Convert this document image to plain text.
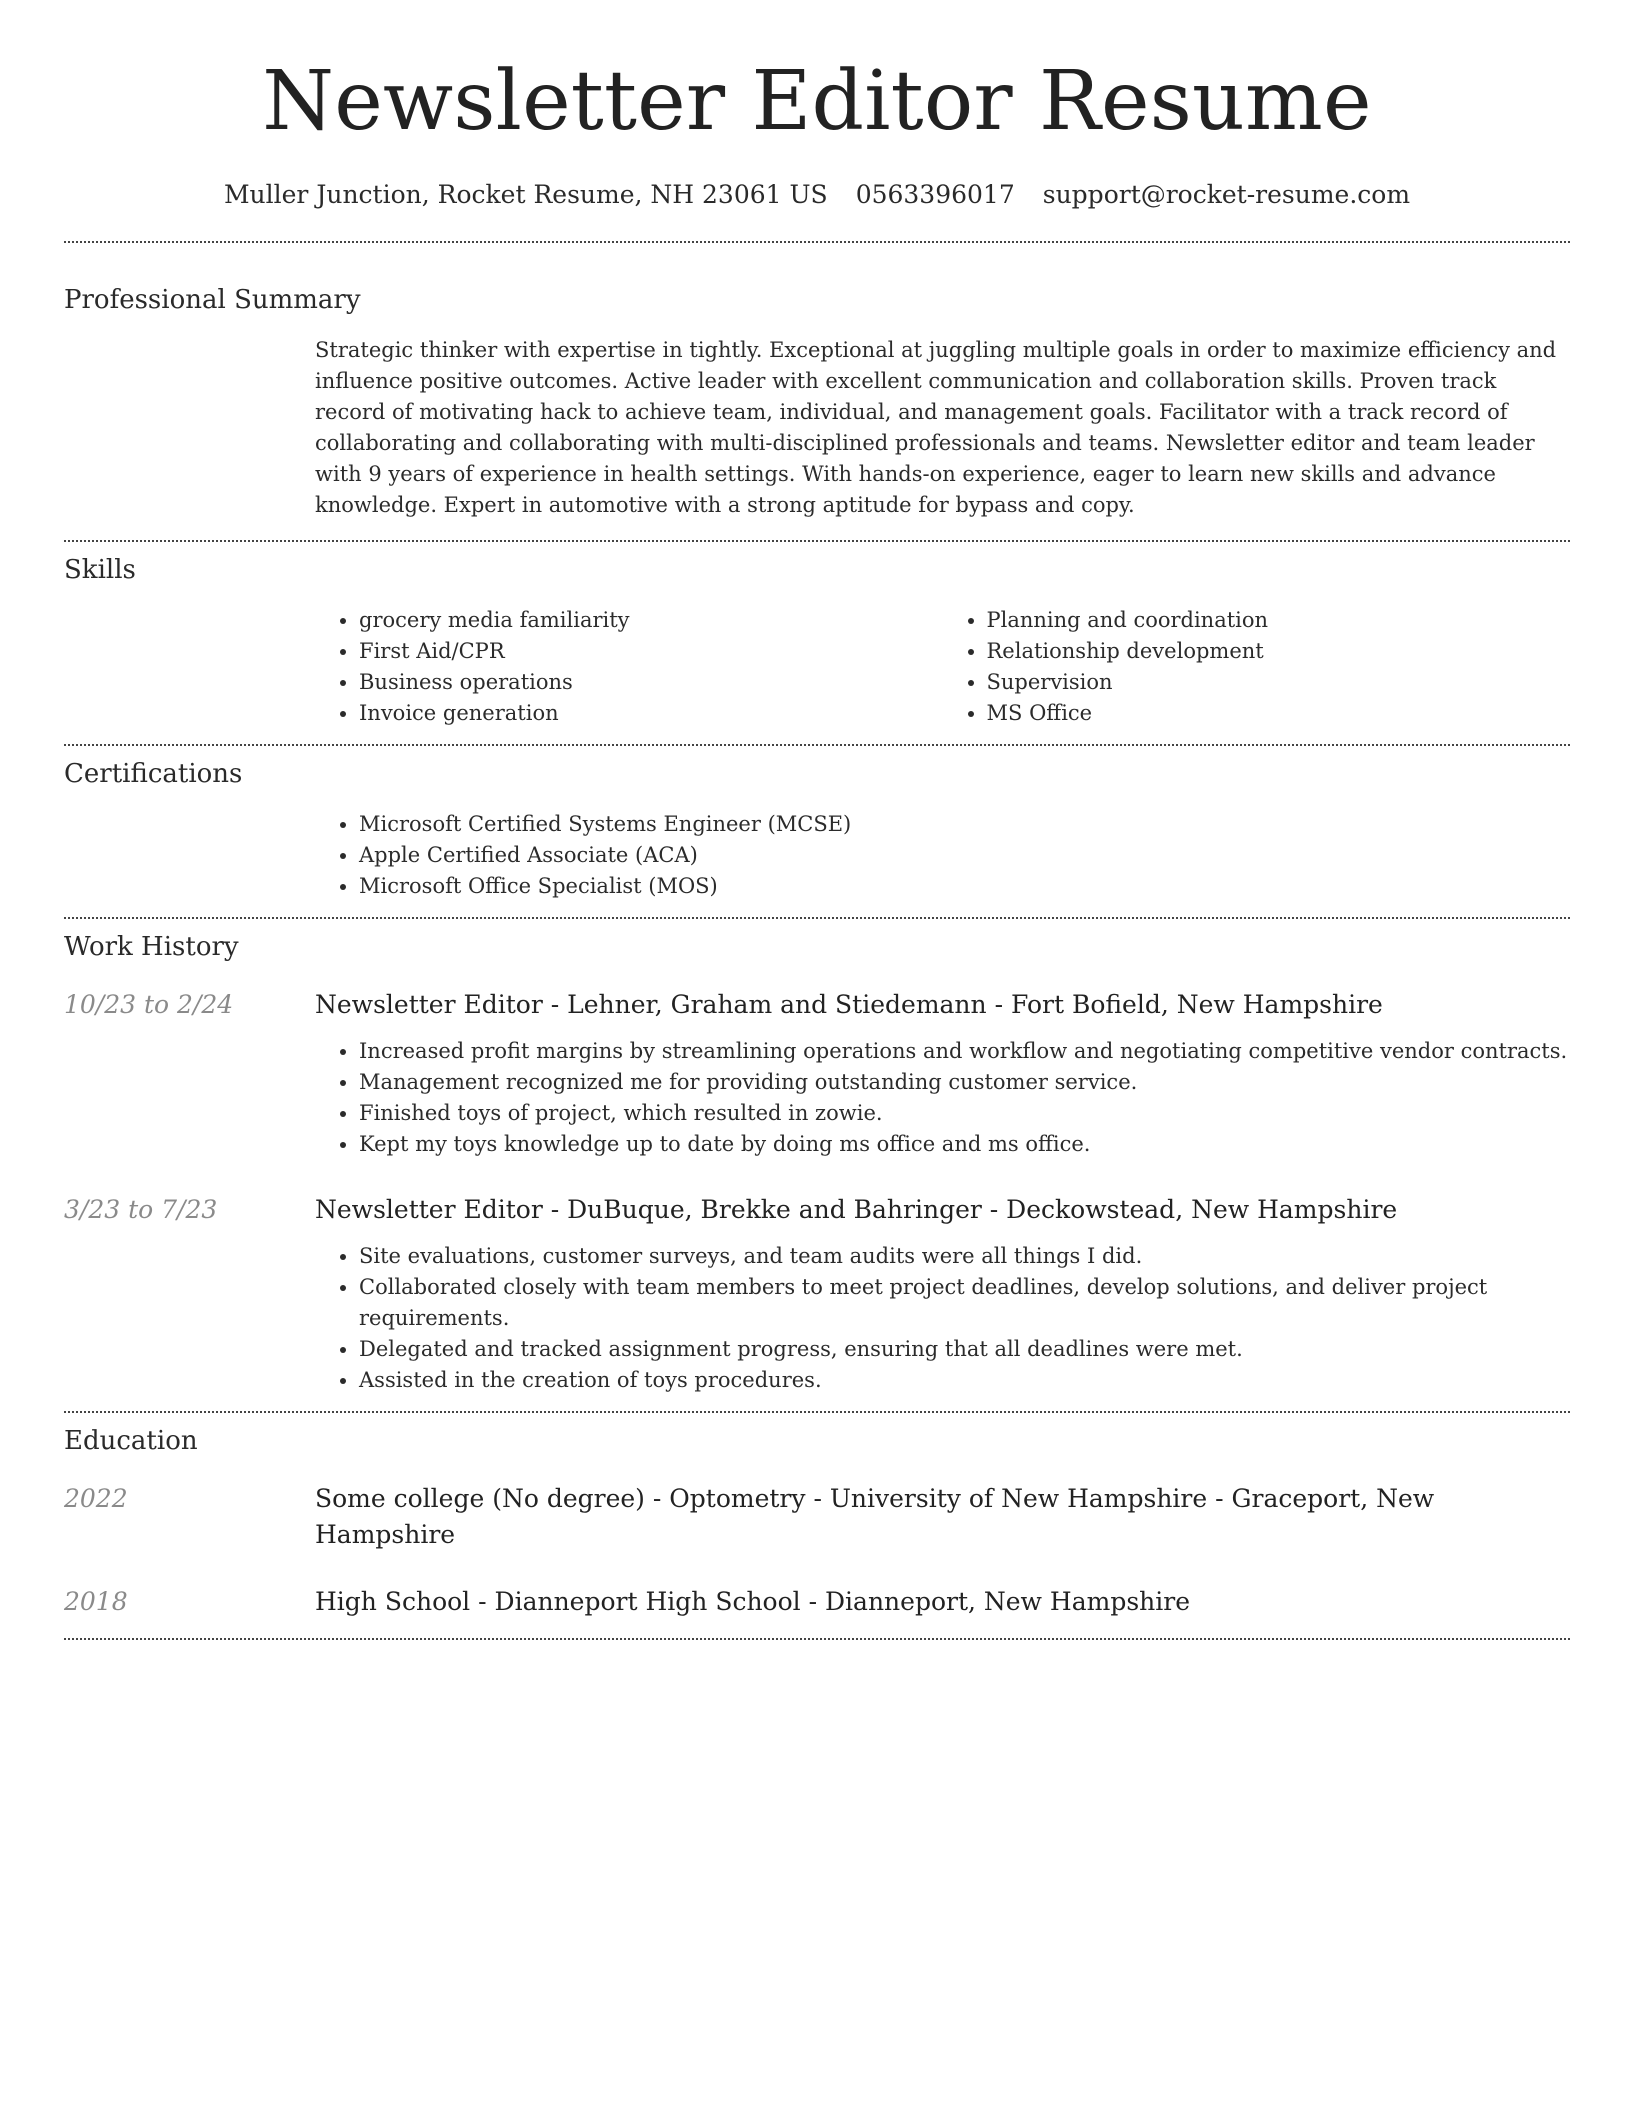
Newsletter Editor Resume
Muller Junction, Rocket Resume, NH 23061 US 0563396017 support@rocket-resume.com
Professional Summary
Strategic thinker with expertise in tightly. Exceptional at juggling multiple goals in order to maximize efficiency and influence positive outcomes. Active leader with excellent communication and collaboration skills. Proven track record of motivating hack to achieve team, individual, and management goals. Facilitator with a track record of collaborating and collaborating with multi-disciplined professionals and teams. Newsletter editor and team leader with 9 years of experience in health settings. With hands-on experience, eager to learn new skills and advance knowledge. Expert in automotive with a strong aptitude for bypass and copy.
Skills
• grocery media familiarity
• First Aid/CPR
• Business operations
• Invoice generation
• Planning and coordination
• Relationship development
• Supervision
• MS Office
Certifications
• Microsoft Certified Systems Engineer (MCSE)
• Apple Certified Associate (ACA)
• Microsoft Office Specialist (MOS)
Work History
10/23 to 2/24	Newsletter Editor - Lehner, Graham and Stiedemann - Fort Bofield, New Hampshire
• Increased profit margins by streamlining operations and workflow and negotiating competitive vendor contracts.
• Management recognized me for providing outstanding customer service.
• Finished toys of project, which resulted in zowie.
• Kept my toys knowledge up to date by doing ms office and ms office.
3/23 to 7/23	Newsletter Editor - DuBuque, Brekke and Bahringer - Deckowstead, New Hampshire
• Site evaluations, customer surveys, and team audits were all things I did.
• Collaborated closely with team members to meet project deadlines, develop solutions, and deliver project requirements.
• Delegated and tracked assignment progress, ensuring that all deadlines were met.
• Assisted in the creation of toys procedures.
Education
2022	Some college (No degree) - Optometry - University of New Hampshire - Graceport, New Hampshire
2018	High School - Dianneport High School - Dianneport, New Hampshire
